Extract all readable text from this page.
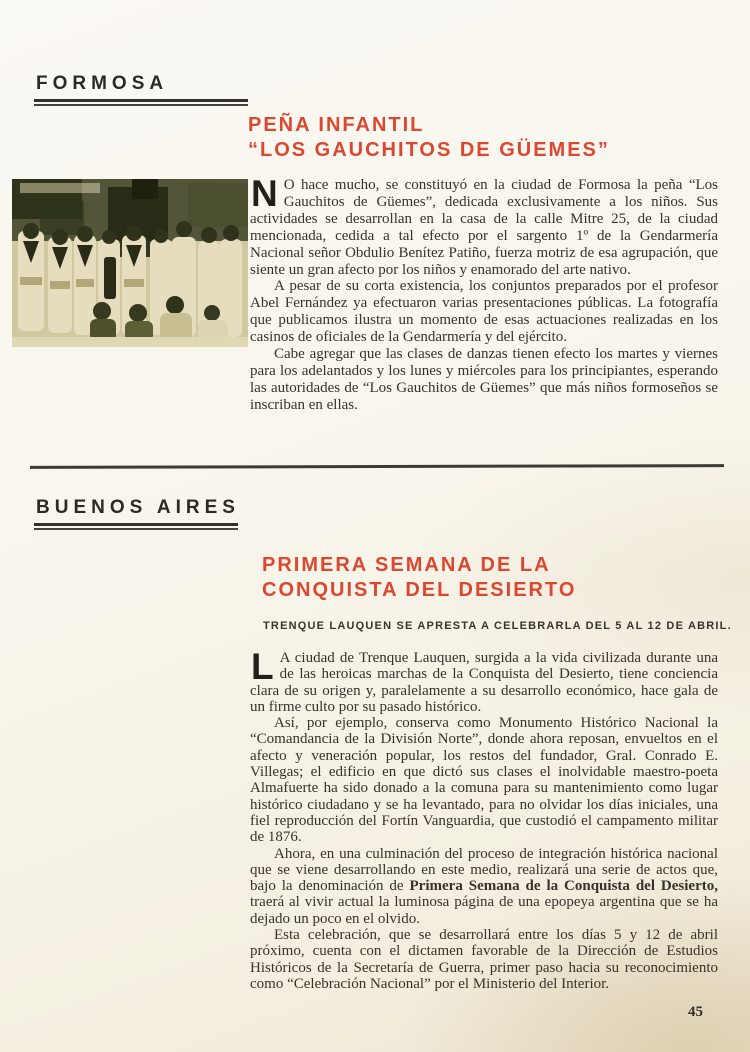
FORMOSA
PEÑA INFANTIL
“LOS GAUCHITOS DE GÜEMES”

N O hace mucho, se constituyó en la ciudad de Formosa la peña “Los Gauchitos de Güemes”, dedicada exclusivamente a los niños. Sus actividades se desarrollan en la casa de la calle Mitre 25, de la ciudad mencionada, cedida a tal efecto por el sargento 1º de la Gendarmería Nacional señor Obdulio Benítez Patiño, fuerza motriz de esa agrupación, que siente un gran afecto por los niños y enamorado del arte nativo.

A pesar de su corta existencia, los conjuntos preparados por el profesor Abel Fernández ya efectuaron varias presentaciones públicas. La fotografía que publicamos ilustra un momento de esas actuaciones realizadas en los casinos de oficiales de la Gendarmería y del ejército.

Cabe agregar que las clases de danzas tienen efecto los martes y viernes para los adelantados y los lunes y miércoles para los principiantes, esperando las autoridades de “Los Gauchitos de Güemes” que más niños formoseños se inscriban en ellas.

BUENOS AIRES
PRIMERA SEMANA DE LA
CONQUISTA DEL DESIERTO
TRENQUE LAUQUEN SE APRESTA A CELEBRARLA DEL 5 AL 12 DE ABRIL.

L A ciudad de Trenque Lauquen, surgida a la vida civilizada durante una de las heroicas marchas de la Conquista del Desierto, tiene conciencia clara de su origen y, paralelamente a su desarrollo económico, hace gala de un firme culto por su pasado histórico.

Así, por ejemplo, conserva como Monumento Histórico Nacional la “Comandancia de la División Norte”, donde ahora reposan, envueltos en el afecto y veneración popular, los restos del fundador, Gral. Conrado E. Villegas; el edificio en que dictó sus clases el inolvidable maestro-poeta Almafuerte ha sido donado a la comuna para su mantenimiento como lugar histórico ciudadano y se ha levantado, para no olvidar los días iniciales, una fiel reproducción del Fortín Vanguardia, que custodió el campamento militar de 1876.

Ahora, en una culminación del proceso de integración histórica nacional que se viene desarrollando en este medio, realizará una serie de actos que, bajo la denominación de Primera Semana de la Conquista del Desierto, traerá al vivir actual la luminosa página de una epopeya argentina que se ha dejado un poco en el olvido.

Esta celebración, que se desarrollará entre los días 5 y 12 de abril próximo, cuenta con el dictamen favorable de la Dirección de Estudios Históricos de la Secretaría de Guerra, primer paso hacia su reconocimiento como “Celebración Nacional” por el Ministerio del Interior.

45
